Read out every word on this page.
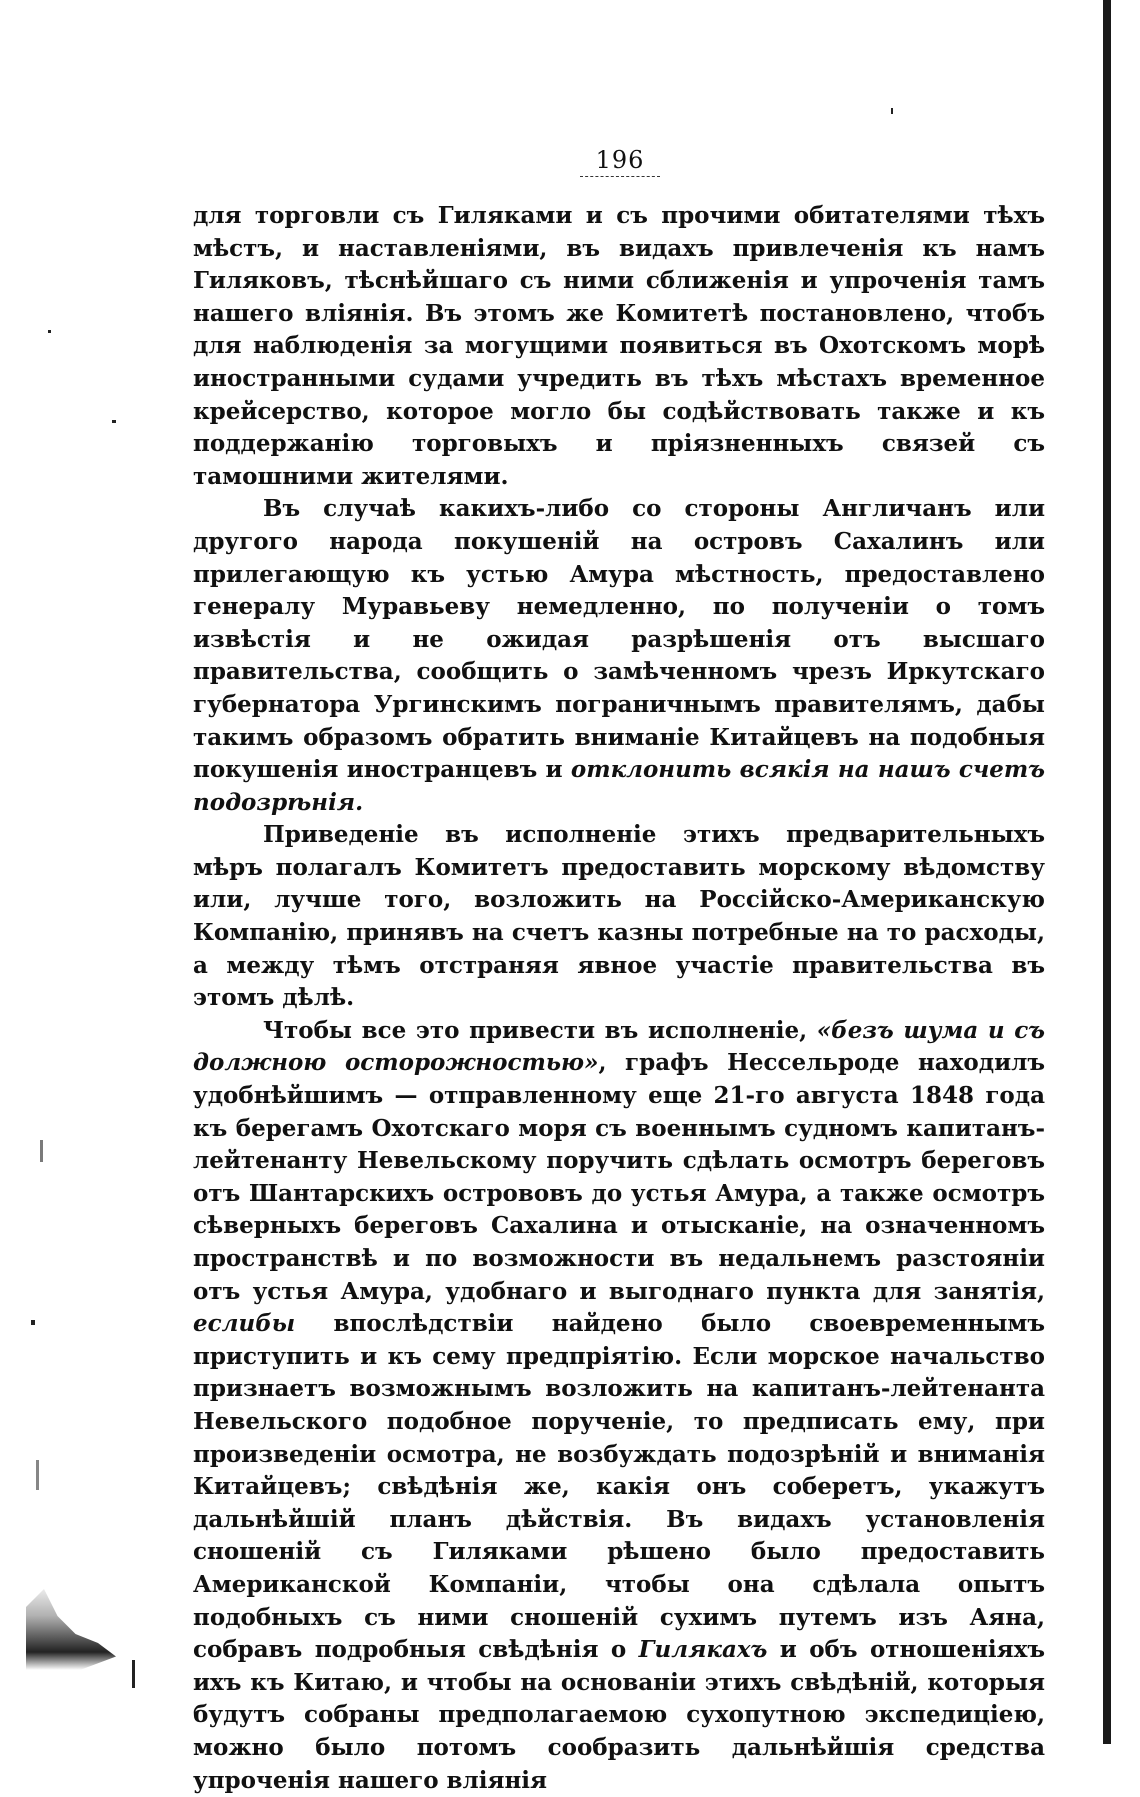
196

для торговли съ Гиляками и съ прочими обитателями тѣхъ мѣстъ, и наставленiями, въ видахъ привлеченiя къ намъ Гиляковъ, тѣснѣйшаго съ ними сближенiя и упроченiя тамъ нашего влiянiя. Въ этомъ же Комитетѣ постановлено, чтобъ для наблюденiя за могущими появиться въ Охотскомъ морѣ иностранными судами учредить въ тѣхъ мѣстахъ временное крейсерство, которое могло бы содѣйствовать также и къ поддержанiю торговыхъ и прiязненныхъ связей съ тамошними жителями.

Въ случаѣ какихъ-либо со стороны Англичанъ или другого народа покушенiй на островъ Сахалинъ или прилегающую къ устью Амура мѣстность, предоставлено генералу Муравьеву немедленно, по полученiи о томъ извѣстiя и не ожидая разрѣшенiя отъ высшаго правительства, сообщить о замѣченномъ чрезъ Иркутскаго губернатора Ургинскимъ пограничнымъ правителямъ, дабы такимъ образомъ обратить вниманiе Китайцевъ на подобныя покушенiя иностранцевъ и отклонить всякiя на нашъ счетъ подозрѣнiя.

Приведенiе въ исполненiе этихъ предварительныхъ мѣръ полагалъ Комитетъ предоставить морскому вѣдомству или, лучше того, возложить на Россiйско-Американскую Компанiю, принявъ на счетъ казны потребные на то расходы, а между тѣмъ отстраняя явное участiе правительства въ этомъ дѣлѣ.

Чтобы все это привести въ исполненiе, «безъ шума и съ должною осторожностью», графъ Нессельроде находилъ удобнѣйшимъ — отправленному еще 21-го августа 1848 года къ берегамъ Охотскаго моря съ военнымъ судномъ капитанъ-лейтенанту Невельскому поручить сдѣлать осмотръ береговъ отъ Шантарскихъ острововъ до устья Амура, а также осмотръ сѣверныхъ береговъ Сахалина и отысканiе, на означенномъ пространствѣ и по возможности въ недальнемъ разстоянiи отъ устья Амура, удобнаго и выгоднаго пункта для занятiя, еслибы впослѣдствiи найдено было своевременнымъ приступить и къ сему предпрiятiю. Если морское начальство признаетъ возможнымъ возложить на капитанъ-лейтенанта Невельского подобное порученiе, то предписать ему, при произведенiи осмотра, не возбуждать подозрѣнiй и вниманiя Китайцевъ; свѣдѣнiя же, какiя онъ соберетъ, укажутъ дальнѣйшiй планъ дѣйствiя. Въ видахъ установленiя сношенiй съ Гиляками рѣшено было предоставить Американской Компанiи, чтобы она сдѣлала опытъ подобныхъ съ ними сношенiй сухимъ путемъ изъ Аяна, собравъ подробныя свѣдѣнiя о Гилякахъ и объ отношенiяхъ ихъ къ Китаю, и чтобы на основанiи этихъ свѣдѣнiй, которыя будутъ собраны предполагаемою сухопутною экспедицiею, можно было потомъ сообразить дальнѣйшiя средства упроченiя нашего влiянiя
